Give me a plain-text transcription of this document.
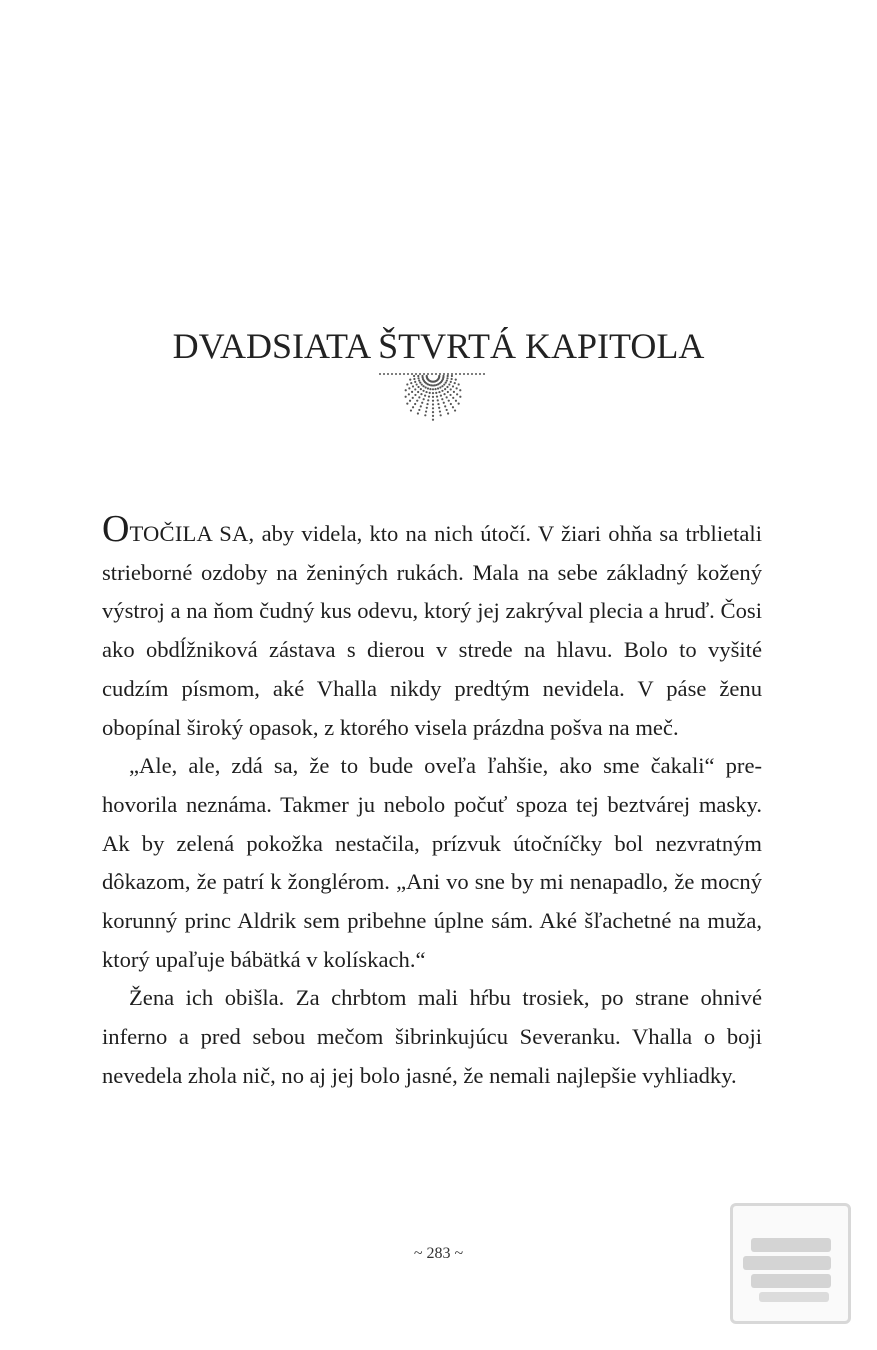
DVADSIATA ŠTVRTÁ KAPITOLA

OTOČILA SA, aby videla, kto na nich útočí. V žiari ohňa sa trblietali strieborné ozdoby na ženiných rukách. Mala na sebe základný kožený výstroj a na ňom čudný kus odevu, ktorý jej zakrýval plecia a hruď. Čosi ako obdĺžniková zástava s dierou v strede na hlavu. Bolo to vyšité cudzím písmom, aké Vhalla nikdy predtým nevidela. V páse ženu obopínal široký opasok, z ktorého visela prázdna pošva na meč.

„Ale, ale, zdá sa, že to bude oveľa ľahšie, ako sme čakali“ prehovorila neznáma. Takmer ju nebolo počuť spoza tej beztvárej masky. Ak by zelená pokožka nestačila, prízvuk útočníčky bol nezvratným dôkazom, že patrí k žonglérom. „Ani vo sne by mi nenapadlo, že mocný korunný princ Aldrik sem pribehne úplne sám. Aké šľachetné na muža, ktorý upaľuje bábätká v kolískach.“

Žena ich obišla. Za chrbtom mali hŕbu trosiek, po strane ohnivé inferno a pred sebou mečom šibrinkujúcu Severanku. Vhalla o boji nevedela zhola nič, no aj jej bolo jasné, že nemali najlepšie vyhliadky.

~ 283 ~
